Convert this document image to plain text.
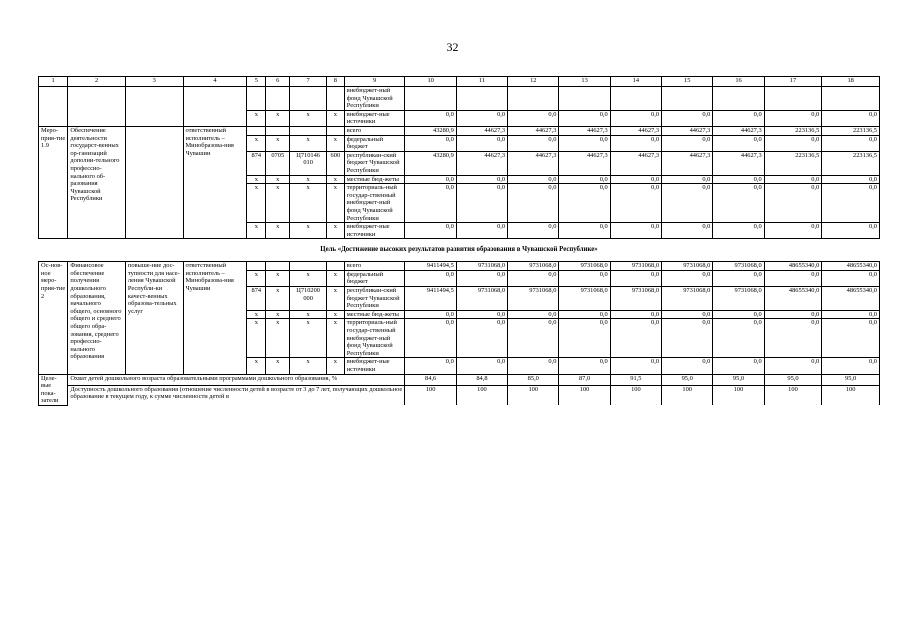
32
1	2	3	4	5	6	7	8	9	10	11	12	13	14	15	16	17	18
								внебюджет-ный фонд Чувашской Республики									
				x	x	x	x	внебюджет-ные источники	0,0	0,0	0,0	0,0	0,0	0,0	0,0	0,0	0,0
Меро-прия-тие 1.9	Обеспечение деятельности государст-венных ор-ганизаций дополни-тельного профессио-нального об-разования Чувашской Республики		ответственный исполнитель – Минобразова-ния Чувашии					всего	43280,9	44627,3	44627,3	44627,3	44627,3	44627,3	44627,3	223136,5	223136,5
				x	x	x	x	федеральный бюджет	0,0	0,0	0,0	0,0	0,0	0,0	0,0	0,0	0,0
				874	0705	Ц710146 010	600	республикан-ский бюджет Чувашской Республики	43280,9	44627,3	44627,3	44627,3	44627,3	44627,3	44627,3	223136,5	223136,5
				x	x	x	x	местные бюд-жеты	0,0	0,0	0,0	0,0	0,0	0,0	0,0	0,0	0,0
				x	x	x	x	территориаль-ный государ-ственный внебюджет-ный фонд Чувашской Республики	0,0	0,0	0,0	0,0	0,0	0,0	0,0	0,0	0,0
				x	x	x	x	внебюджет-ные источники	0,0	0,0	0,0	0,0	0,0	0,0	0,0	0,0	0,0
Цель «Достижение высоких результатов развития образования в Чувашской Республике»																	
Ос-нов-ное меро-прия-тие 2	Финансовое обеспечение получения дошкольного образования, начального общего, основного общего и среднего общего обра-зования, среднего профессио-нального образования	повыше-ние дос-тупности для насе-ления Чувашской Республи-ки качест-венных образова-тельных услуг	ответственный исполнитель – Минобразова-ния Чувашии					всего	9411494,5	9731068,0	9731068,0	9731068,0	9731068,0	9731068,0	9731068,0	48655340,0	48655340,0
				x	x	x	x	федеральный бюджет	0,0	0,0	0,0	0,0	0,0	0,0	0,0	0,0	0,0
				874	x	Ц710200 000	x	республикан-ский бюджет Чувашской Республики	9411494,5	9731068,0	9731068,0	9731068,0	9731068,0	9731068,0	9731068,0	48655340,0	48655340,0
				x	x	x	x	местные бюд-жеты	0,0	0,0	0,0	0,0	0,0	0,0	0,0	0,0	0,0
				x	x	x	x	территориаль-ный государ-ственный внебюджет-ный фонд Чувашской Республики	0,0	0,0	0,0	0,0	0,0	0,0	0,0	0,0	0,0
				x	x	x	x	внебюджет-ные источники	0,0	0,0	0,0	0,0	0,0	0,0	0,0	0,0	0,0
Целе-вые пока-затели	Охват детей дошкольного возраста образовательными программами дошкольного образования, %								84,6	84,8	85,0	87,0	91,5	95,0	95,0	95,0	95,0
	Доступность дошкольного образования (отношение численности детей в возрасте от 3 до 7 лет, получающих дошкольное образование в текущем году, к сумме численности детей в								100	100	100	100	100	100	100	100	100
